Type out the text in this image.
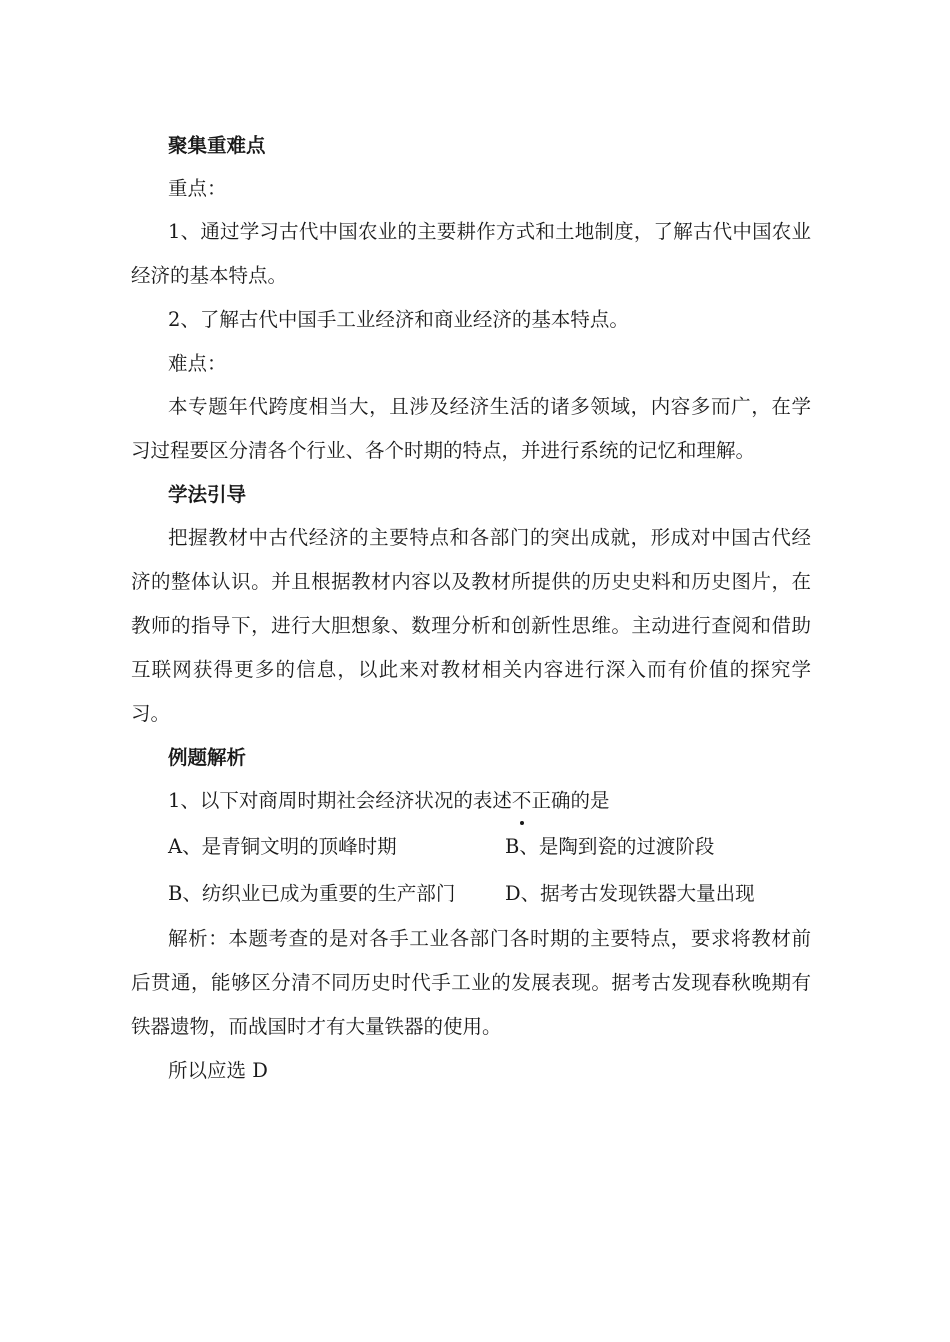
聚集重难点
重点：

1、通过学习古代中国农业的主要耕作方式和土地制度，了解古代中国农业经济的基本特点。

2、了解古代中国手工业经济和商业经济的基本特点。

难点：

本专题年代跨度相当大，且涉及经济生活的诸多领域，内容多而广，在学习过程要区分清各个行业、各个时期的特点，并进行系统的记忆和理解。

学法引导

把握教材中古代经济的主要特点和各部门的突出成就，形成对中国古代经济的整体认识。并且根据教材内容以及教材所提供的历史史料和历史图片，在教师的指导下，进行大胆想象、数理分析和创新性思维。主动进行查阅和借助互联网获得更多的信息，以此来对教材相关内容进行深入而有价值的探究学习。

例题解析
1、以下对商周时期社会经济状况的表述不正确的是
A、是青铜文明的顶峰时期	B、是陶到瓷的过渡阶段
B、纺织业已成为重要的生产部门	D、据考古发现铁器大量出现

解析：本题考查的是对各手工业各部门各时期的主要特点，要求将教材前后贯通，能够区分清不同历史时代手工业的发展表现。据考古发现春秋晚期有铁器遗物，而战国时才有大量铁器的使用。

所以应选 D
